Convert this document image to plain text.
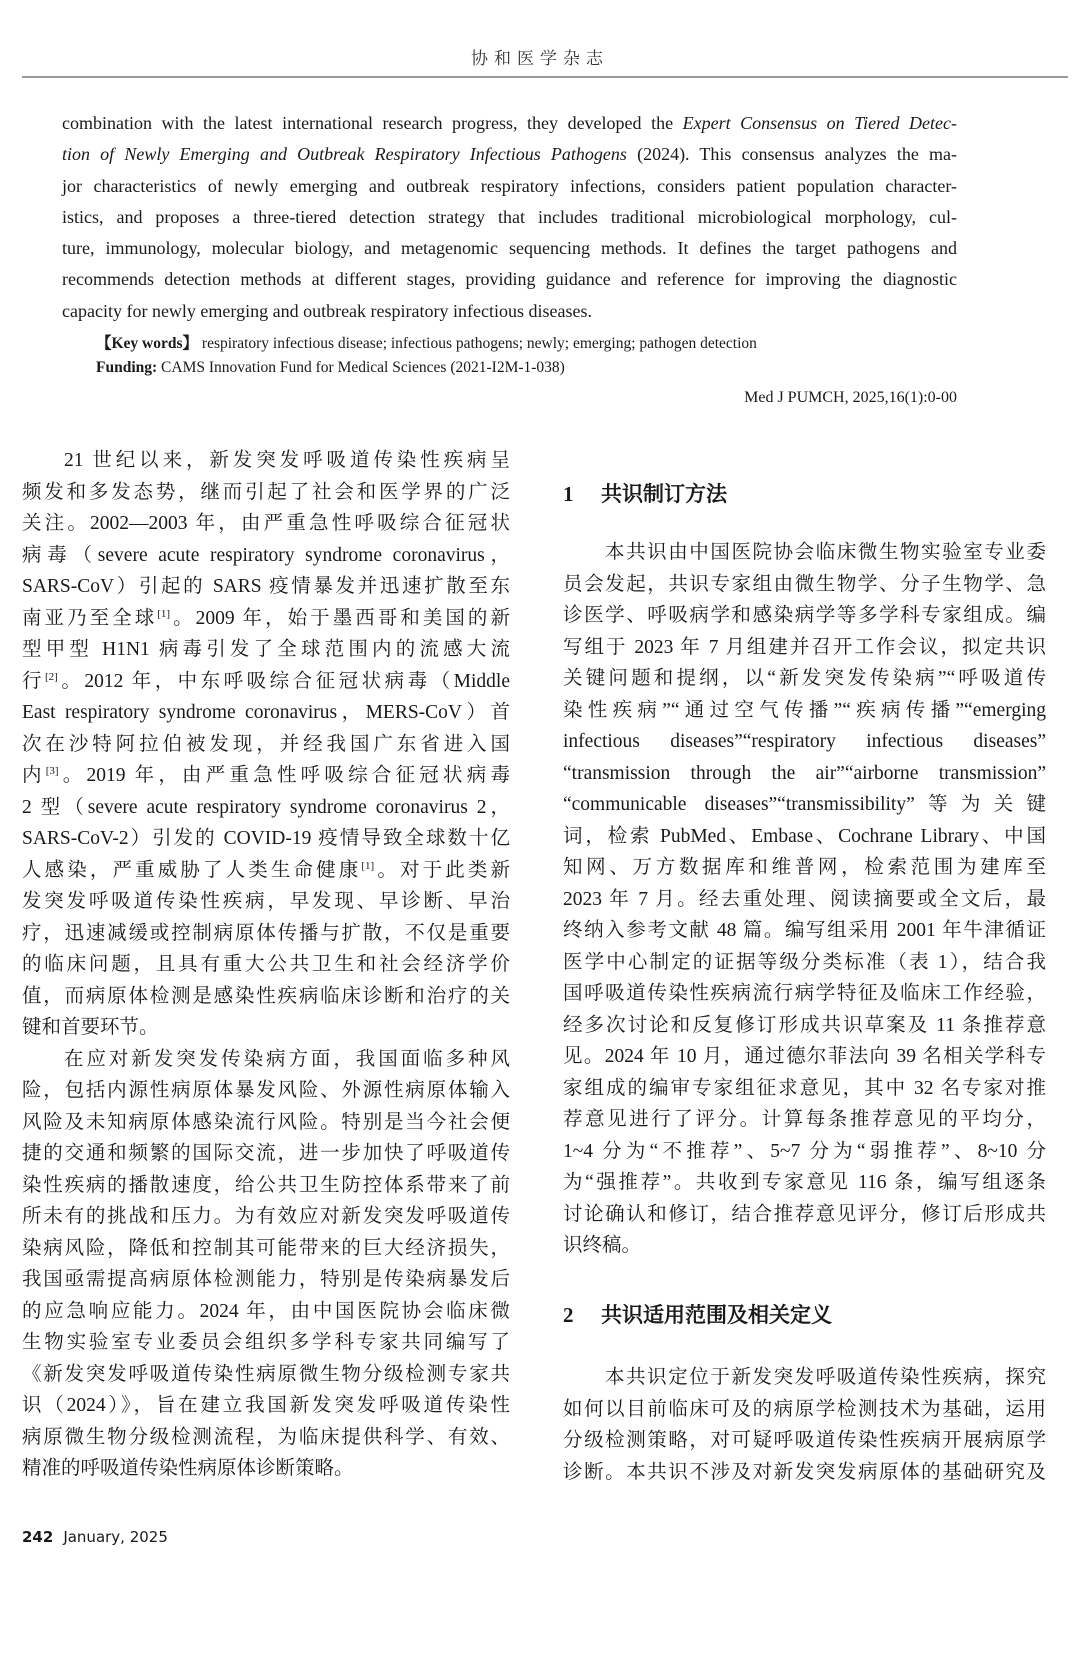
协和医学杂志
combination with the latest international research progress, they developed the Expert Consensus on Tiered Detec-
tion of Newly Emerging and Outbreak Respiratory Infectious Pathogens (2024). This consensus analyzes the ma-
jor characteristics of newly emerging and outbreak respiratory infections, considers patient population character-
istics, and proposes a three-tiered detection strategy that includes traditional microbiological morphology, cul-
ture, immunology, molecular biology, and metagenomic sequencing methods. It defines the target pathogens and
recommends detection methods at different stages, providing guidance and reference for improving the diagnostic
capacity for newly emerging and outbreak respiratory infectious diseases.
【Key words】 respiratory infectious disease; infectious pathogens; newly; emerging; pathogen detection
Funding: CAMS Innovation Fund for Medical Sciences (2021-I2M-1-038)
Med J PUMCH, 2025,16(1):0-00
21 世纪以来，新发突发呼吸道传染性疾病呈
频发和多发态势，继而引起了社会和医学界的广泛
关注。2002—2003 年，由严重急性呼吸综合征冠状
病毒（severe acute respiratory syndrome coronavirus，
SARS-CoV）引起的 SARS 疫情暴发并迅速扩散至东
南亚乃至全球[1]。2009 年，始于墨西哥和美国的新
型甲型 H1N1 病毒引发了全球范围内的流感大流
行[2]。2012 年，中东呼吸综合征冠状病毒（Middle
East respiratory syndrome coronavirus，MERS-CoV）首
次在沙特阿拉伯被发现，并经我国广东省进入国
内[3]。2019 年，由严重急性呼吸综合征冠状病毒
2 型（severe acute respiratory syndrome coronavirus 2，
SARS-CoV-2）引发的 COVID-19 疫情导致全球数十亿
人感染，严重威胁了人类生命健康[1]。对于此类新
发突发呼吸道传染性疾病，早发现、早诊断、早治
疗，迅速减缓或控制病原体传播与扩散，不仅是重要
的临床问题，且具有重大公共卫生和社会经济学价
值，而病原体检测是感染性疾病临床诊断和治疗的关
键和首要环节。
在应对新发突发传染病方面，我国面临多种风
险，包括内源性病原体暴发风险、外源性病原体输入
风险及未知病原体感染流行风险。特别是当今社会便
捷的交通和频繁的国际交流，进一步加快了呼吸道传
染性疾病的播散速度，给公共卫生防控体系带来了前
所未有的挑战和压力。为有效应对新发突发呼吸道传
染病风险，降低和控制其可能带来的巨大经济损失，
我国亟需提高病原体检测能力，特别是传染病暴发后
的应急响应能力。2024 年，由中国医院协会临床微
生物实验室专业委员会组织多学科专家共同编写了
《新发突发呼吸道传染性病原微生物分级检测专家共
识（2024）》，旨在建立我国新发突发呼吸道传染性
病原微生物分级检测流程，为临床提供科学、有效、
精准的呼吸道传染性病原体诊断策略。
1 共识制订方法
本共识由中国医院协会临床微生物实验室专业委
员会发起，共识专家组由微生物学、分子生物学、急
诊医学、呼吸病学和感染病学等多学科专家组成。编
写组于 2023 年 7 月组建并召开工作会议，拟定共识
关键问题和提纲，以“新发突发传染病”“呼吸道传
染性疾病”“通过空气传播”“疾病传播”“emerging
infectious diseases”“respiratory infectious diseases”
“transmission through the air”“airborne transmission”
“communicable diseases”“transmissibility”等为关键
词，检索 PubMed、Embase、Cochrane Library、中国
知网、万方数据库和维普网，检索范围为建库至
2023 年 7 月。经去重处理、阅读摘要或全文后，最
终纳入参考文献 48 篇。编写组采用 2001 年牛津循证
医学中心制定的证据等级分类标准（表 1），结合我
国呼吸道传染性疾病流行病学特征及临床工作经验，
经多次讨论和反复修订形成共识草案及 11 条推荐意
见。2024 年 10 月，通过德尔菲法向 39 名相关学科专
家组成的编审专家组征求意见，其中 32 名专家对推
荐意见进行了评分。计算每条推荐意见的平均分，
1~4 分为“不推荐”、5~7 分为“弱推荐”、8~10 分
为“强推荐”。共收到专家意见 116 条，编写组逐条
讨论确认和修订，结合推荐意见评分，修订后形成共
识终稿。
2 共识适用范围及相关定义
本共识定位于新发突发呼吸道传染性疾病，探究
如何以目前临床可及的病原学检测技术为基础，运用
分级检测策略，对可疑呼吸道传染性疾病开展病原学
诊断。本共识不涉及对新发突发病原体的基础研究及
242 January, 2025
